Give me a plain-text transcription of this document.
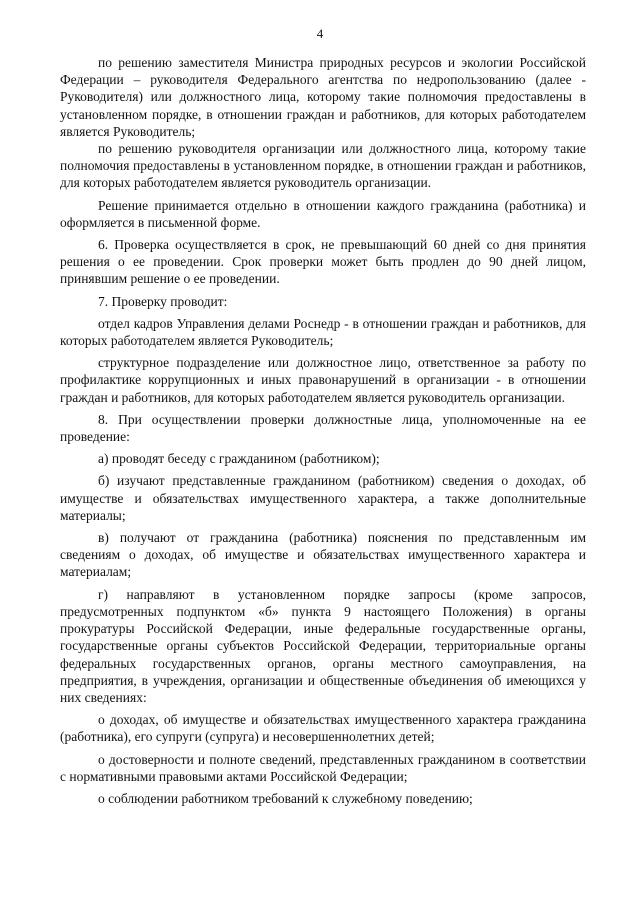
4

по решению заместителя Министра природных ресурсов и экологии Российской Федерации – руководителя Федерального агентства по недропользованию (далее - Руководителя) или должностного лица, которому такие полномочия предоставлены в установленном порядке, в отношении граждан и работников, для которых работодателем является Руководитель;

по решению руководителя организации или должностного лица, которому такие полномочия предоставлены в установленном порядке, в отношении граждан и работников, для которых работодателем является руководитель организации.

Решение принимается отдельно в отношении каждого гражданина (работника) и оформляется в письменной форме.

6. Проверка осуществляется в срок, не превышающий 60 дней со дня принятия решения о ее проведении. Срок проверки может быть продлен до 90 дней лицом, принявшим решение о ее проведении.

7. Проверку проводит:

отдел кадров Управления делами Роснедр - в отношении граждан и работников, для которых работодателем является Руководитель;

структурное подразделение или должностное лицо, ответственное за работу по профилактике коррупционных и иных правонарушений в организации - в отношении граждан и работников, для которых работодателем является руководитель организации.

8. При осуществлении проверки должностные лица, уполномоченные на ее проведение:

а) проводят беседу с гражданином (работником);

б) изучают представленные гражданином (работником) сведения о доходах, об имуществе и обязательствах имущественного характера, а также дополнительные материалы;

в) получают от гражданина (работника) пояснения по представленным им сведениям о доходах, об имуществе и обязательствах имущественного характера и материалам;

г) направляют в установленном порядке запросы (кроме запросов, предусмотренных подпунктом «б» пункта 9 настоящего Положения) в органы прокуратуры Российской Федерации, иные федеральные государственные органы, государственные органы субъектов Российской Федерации, территориальные органы федеральных государственных органов, органы местного самоуправления, на предприятия, в учреждения, организации и общественные объединения об имеющихся у них сведениях:

о доходах, об имуществе и обязательствах имущественного характера гражданина (работника), его супруги (супруга) и несовершеннолетних детей;

о достоверности и полноте сведений, представленных гражданином в соответствии с нормативными правовыми актами Российской Федерации;

о соблюдении работником требований к служебному поведению;
